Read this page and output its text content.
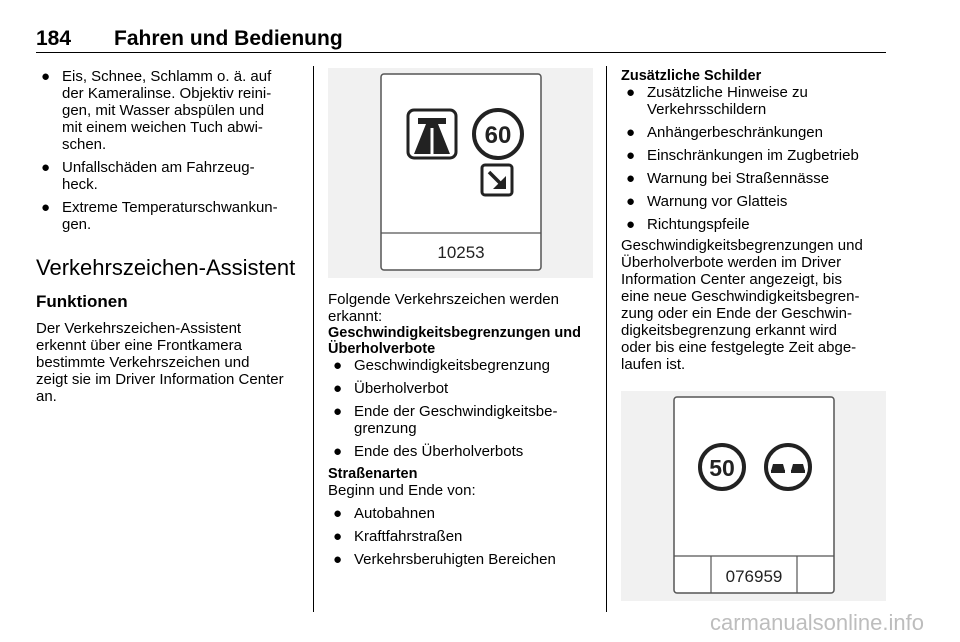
184 Fahren und Bedienung
● Eis, Schnee, Schlamm o. ä. auf
der Kameralinse. Objektiv reini-
gen, mit Wasser abspülen und
mit einem weichen Tuch abwi-
schen.
● Unfallschäden am Fahrzeug-
heck.
● Extreme Temperaturschwankun-
gen.
Verkehrszeichen-Assistent
Funktionen

Der Verkehrszeichen-Assistent
erkennt über eine Frontkamera
bestimmte Verkehrszeichen und
zeigt sie im Driver Information Center
an.

60
10253

Folgende Verkehrszeichen werden
erkannt:

Geschwindigkeitsbegrenzungen und
Überholverbote
● Geschwindigkeitsbegrenzung
● Überholverbot
● Ende der Geschwindigkeitsbe-
grenzung
● Ende des Überholverbots
Straßenarten

Beginn und Ende von:

● Autobahnen
● Kraftfahrstraßen
● Verkehrsberuhigten Bereichen
Zusätzliche Schilder
● Zusätzliche Hinweise zu
Verkehrsschildern
● Anhängerbeschränkungen
● Einschränkungen im Zugbetrieb
● Warnung bei Straßennässe
● Warnung vor Glatteis
● Richtungspfeile

Geschwindigkeitsbegrenzungen und
Überholverbote werden im Driver
Information Center angezeigt, bis
eine neue Geschwindigkeitsbegren-
zung oder ein Ende der Geschwin-
digkeitsbegrenzung erkannt wird
oder bis eine festgelegte Zeit abge-
laufen ist.

50
076959
carmanualsonline.info
